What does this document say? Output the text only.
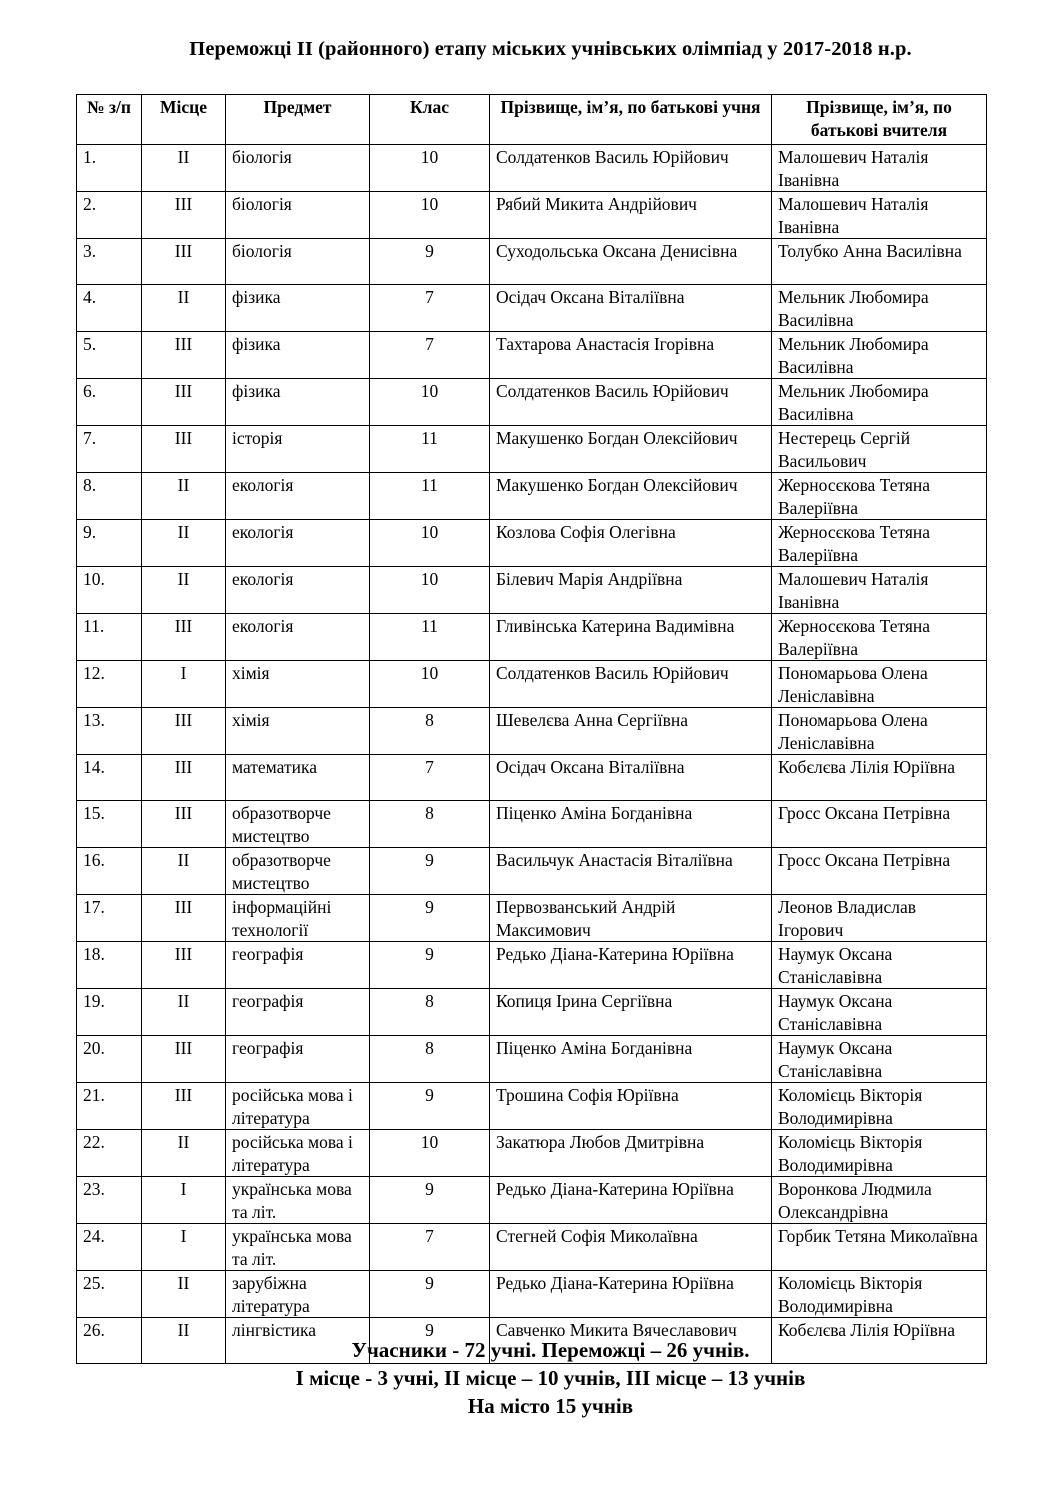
Переможці ІІ (районного) етапу міських учнівських олімпіад у 2017-2018 н.р.
№ з/п	Місце	Предмет	Клас	Прізвище, ім’я, по батькові учня	Прізвище, ім’я, по батькові вчителя
1.	ІІ	біологія	10	Солдатенков Василь Юрійович	Малошевич Наталія Іванівна
2.	ІІІ	біологія	10	Рябий Микита Андрійович	Малошевич Наталія Іванівна
3.	ІІІ	біологія	9	Суходольська Оксана Денисівна	Толубко Анна Василівна
4.	ІІ	фізика	7	Осідач Оксана Віталіївна	Мельник Любомира Василівна
5.	ІІІ	фізика	7	Тахтарова Анастасія Ігорівна	Мельник Любомира Василівна
6.	ІІІ	фізика	10	Солдатенков Василь Юрійович	Мельник Любомира Василівна
7.	ІІІ	історія	11	Макушенко Богдан Олексійович	Нестерець Сергій Васильович
8.	ІІ	екологія	11	Макушенко Богдан Олексійович	Жерносєкова Тетяна Валеріївна
9.	ІІ	екологія	10	Козлова Софія Олегівна	Жерносєкова Тетяна Валеріївна
10.	ІІ	екологія	10	Білевич Марія Андріївна	Малошевич Наталія Іванівна
11.	ІІІ	екологія	11	Гливінська Катерина Вадимівна	Жерносєкова Тетяна Валеріївна
12.	І	хімія	10	Солдатенков Василь Юрійович	Пономарьова Олена Леніславівна
13.	ІІІ	хімія	8	Шевелєва Анна Сергіївна	Пономарьова Олена Леніславівна
14.	ІІІ	математика	7	Осідач Оксана Віталіївна	Кобєлєва Лілія Юріївна
15.	ІІІ	образотворче мистецтво	8	Піценко Аміна Богданівна	Гросс Оксана Петрівна
16.	ІІ	образотворче мистецтво	9	Васильчук Анастасія Віталіївна	Гросс Оксана Петрівна
17.	ІІІ	інформаційні технології	9	Первозванський Андрій Максимович	Леонов Владислав Ігорович
18.	ІІІ	географія	9	Редько Діана-Катерина Юріївна	Наумук Оксана Станіславівна
19.	ІІ	географія	8	Копиця Ірина Сергіївна	Наумук Оксана Станіславівна
20.	ІІІ	географія	8	Піценко Аміна Богданівна	Наумук Оксана Станіславівна
21.	ІІІ	російська мова і література	9	Трошина Софія Юріївна	Коломієць Вікторія Володимирівна
22.	ІІ	російська мова і література	10	Закатюра Любов Дмитрівна	Коломієць Вікторія Володимирівна
23.	І	українська мова та літ.	9	Редько Діана-Катерина Юріївна	Воронкова Людмила Олександрівна
24.	І	українська мова та літ.	7	Стегней Софія Миколаївна	Горбик Тетяна Миколаївна
25.	ІІ	зарубіжна література	9	Редько Діана-Катерина Юріївна	Коломієць Вікторія Володимирівна
26.	ІІ	лінгвістика	9	Савченко Микита Вячеславович	Кобєлєва Лілія Юріївна
Учасники - 72 учні. Переможці – 26 учнів.
І місце - 3 учні, ІІ місце – 10 учнів, ІІІ місце – 13 учнів
На місто 15 учнів
